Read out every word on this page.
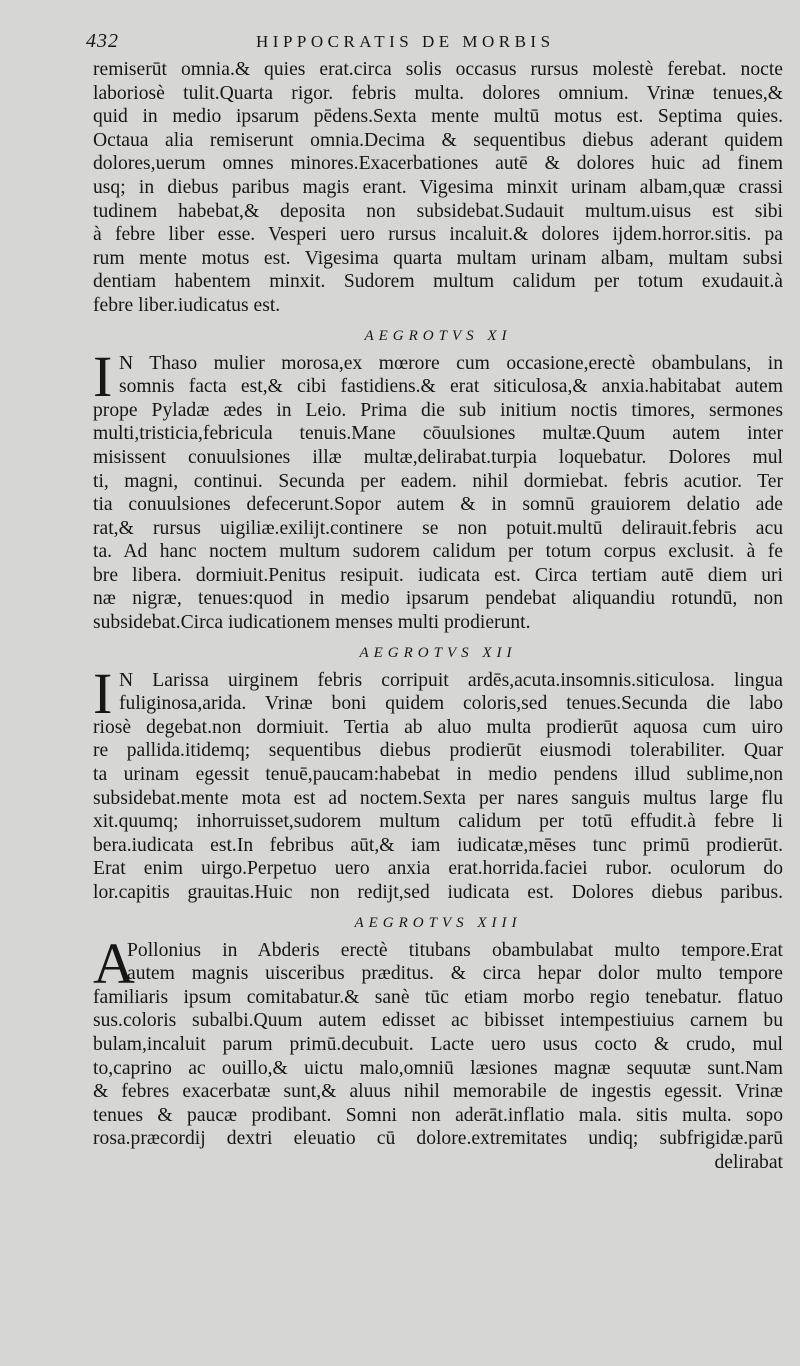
432	HIPPOCRATIS DE MORBIS
remiserūt omnia.& quies erat.circa solis occasus rursus molestè ferebat. nocte
laboriosè tulit.Quarta rigor. febris multa. dolores omnium. Vrinæ tenues,&
quid in medio ipsarum pēdens.Sexta mente multū motus est. Septima quies.
Octaua alia remiserunt omnia.Decima & sequentibus diebus aderant quidem
dolores,uerum omnes minores.Exacerbationes autē & dolores huic ad finem
usq; in diebus paribus magis erant. Vigesima minxit urinam albam,quæ crassi
tudinem habebat,& deposita non subsidebat.Sudauit multum.uisus est sibi
à febre liber esse. Vesperi uero rursus incaluit.& dolores ijdem.horror.sitis. pa
rum mente motus est. Vigesima quarta multam urinam albam, multam subsi
dentiam habentem minxit. Sudorem multum calidum per totum exudauit.à
febre liber.iudicatus est.
AEGROTVS XI
I N Thaso mulier morosa,ex mœrore cum occasione,erectè obambulans, in
somnis facta est,& cibi fastidiens.& erat siticulosa,& anxia.habitabat autem
prope Pyladæ ædes in Leio. Prima die sub initium noctis timores, sermones
multi,tristicia,febricula tenuis.Mane cōuulsiones multæ.Quum autem inter
misissent conuulsiones illæ multæ,delirabat.turpia loquebatur. Dolores mul
ti, magni, continui. Secunda per eadem. nihil dormiebat. febris acutior. Ter
tia conuulsiones defecerunt.Sopor autem & in somnū grauiorem delatio ade
rat,& rursus uigiliæ.exilijt.continere se non potuit.multū delirauit.febris acu
ta. Ad hanc noctem multum sudorem calidum per totum corpus exclusit. à fe
bre libera. dormiuit.Penitus resipuit. iudicata est. Circa tertiam autē diem uri
næ nigræ, tenues:quod in medio ipsarum pendebat aliquandiu rotundū, non
subsidebat.Circa iudicationem menses multi prodierunt.
AEGROTVS XII
I N Larissa uirginem febris corripuit ardēs,acuta.insomnis.siticulosa. lingua
fuliginosa,arida. Vrinæ boni quidem coloris,sed tenues.Secunda die labo
riosè degebat.non dormiuit. Tertia ab aluo multa prodierūt aquosa cum uiro
re pallida.itidemq; sequentibus diebus prodierūt eiusmodi tolerabiliter. Quar
ta urinam egessit tenuē,paucam:habebat in medio pendens illud sublime,non
subsidebat.mente mota est ad noctem.Sexta per nares sanguis multus large flu
xit.quumq; inhorruisset,sudorem multum calidum per totū effudit.à febre li
bera.iudicata est.In febribus aūt,& iam iudicatæ,mēses tunc primū prodierūt.
Erat enim uirgo.Perpetuo uero anxia erat.horrida.faciei rubor. oculorum do
lor.capitis grauitas.Huic non redijt,sed iudicata est. Dolores diebus paribus.
AEGROTVS XIII
A
Pollonius in Abderis erectè titubans obambulabat multo tempore.Erat
autem magnis uisceribus præditus. & circa hepar dolor multo tempore
familiaris ipsum comitabatur.& sanè tūc etiam morbo regio tenebatur. flatuo
sus.coloris subalbi.Quum autem edisset ac bibisset intempestiuius carnem bu
bulam,incaluit parum primū.decubuit. Lacte uero usus cocto & crudo, mul
to,caprino ac ouillo,& uictu malo,omniū læsiones magnæ sequutæ sunt.Nam
& febres exacerbatæ sunt,& aluus nihil memorabile de ingestis egessit. Vrinæ
tenues & paucæ prodibant. Somni non aderāt.inflatio mala. sitis multa. sopo
rosa.præcordij dextri eleuatio cū dolore.extremitates undiq; subfrigidæ.parū
delirabat
